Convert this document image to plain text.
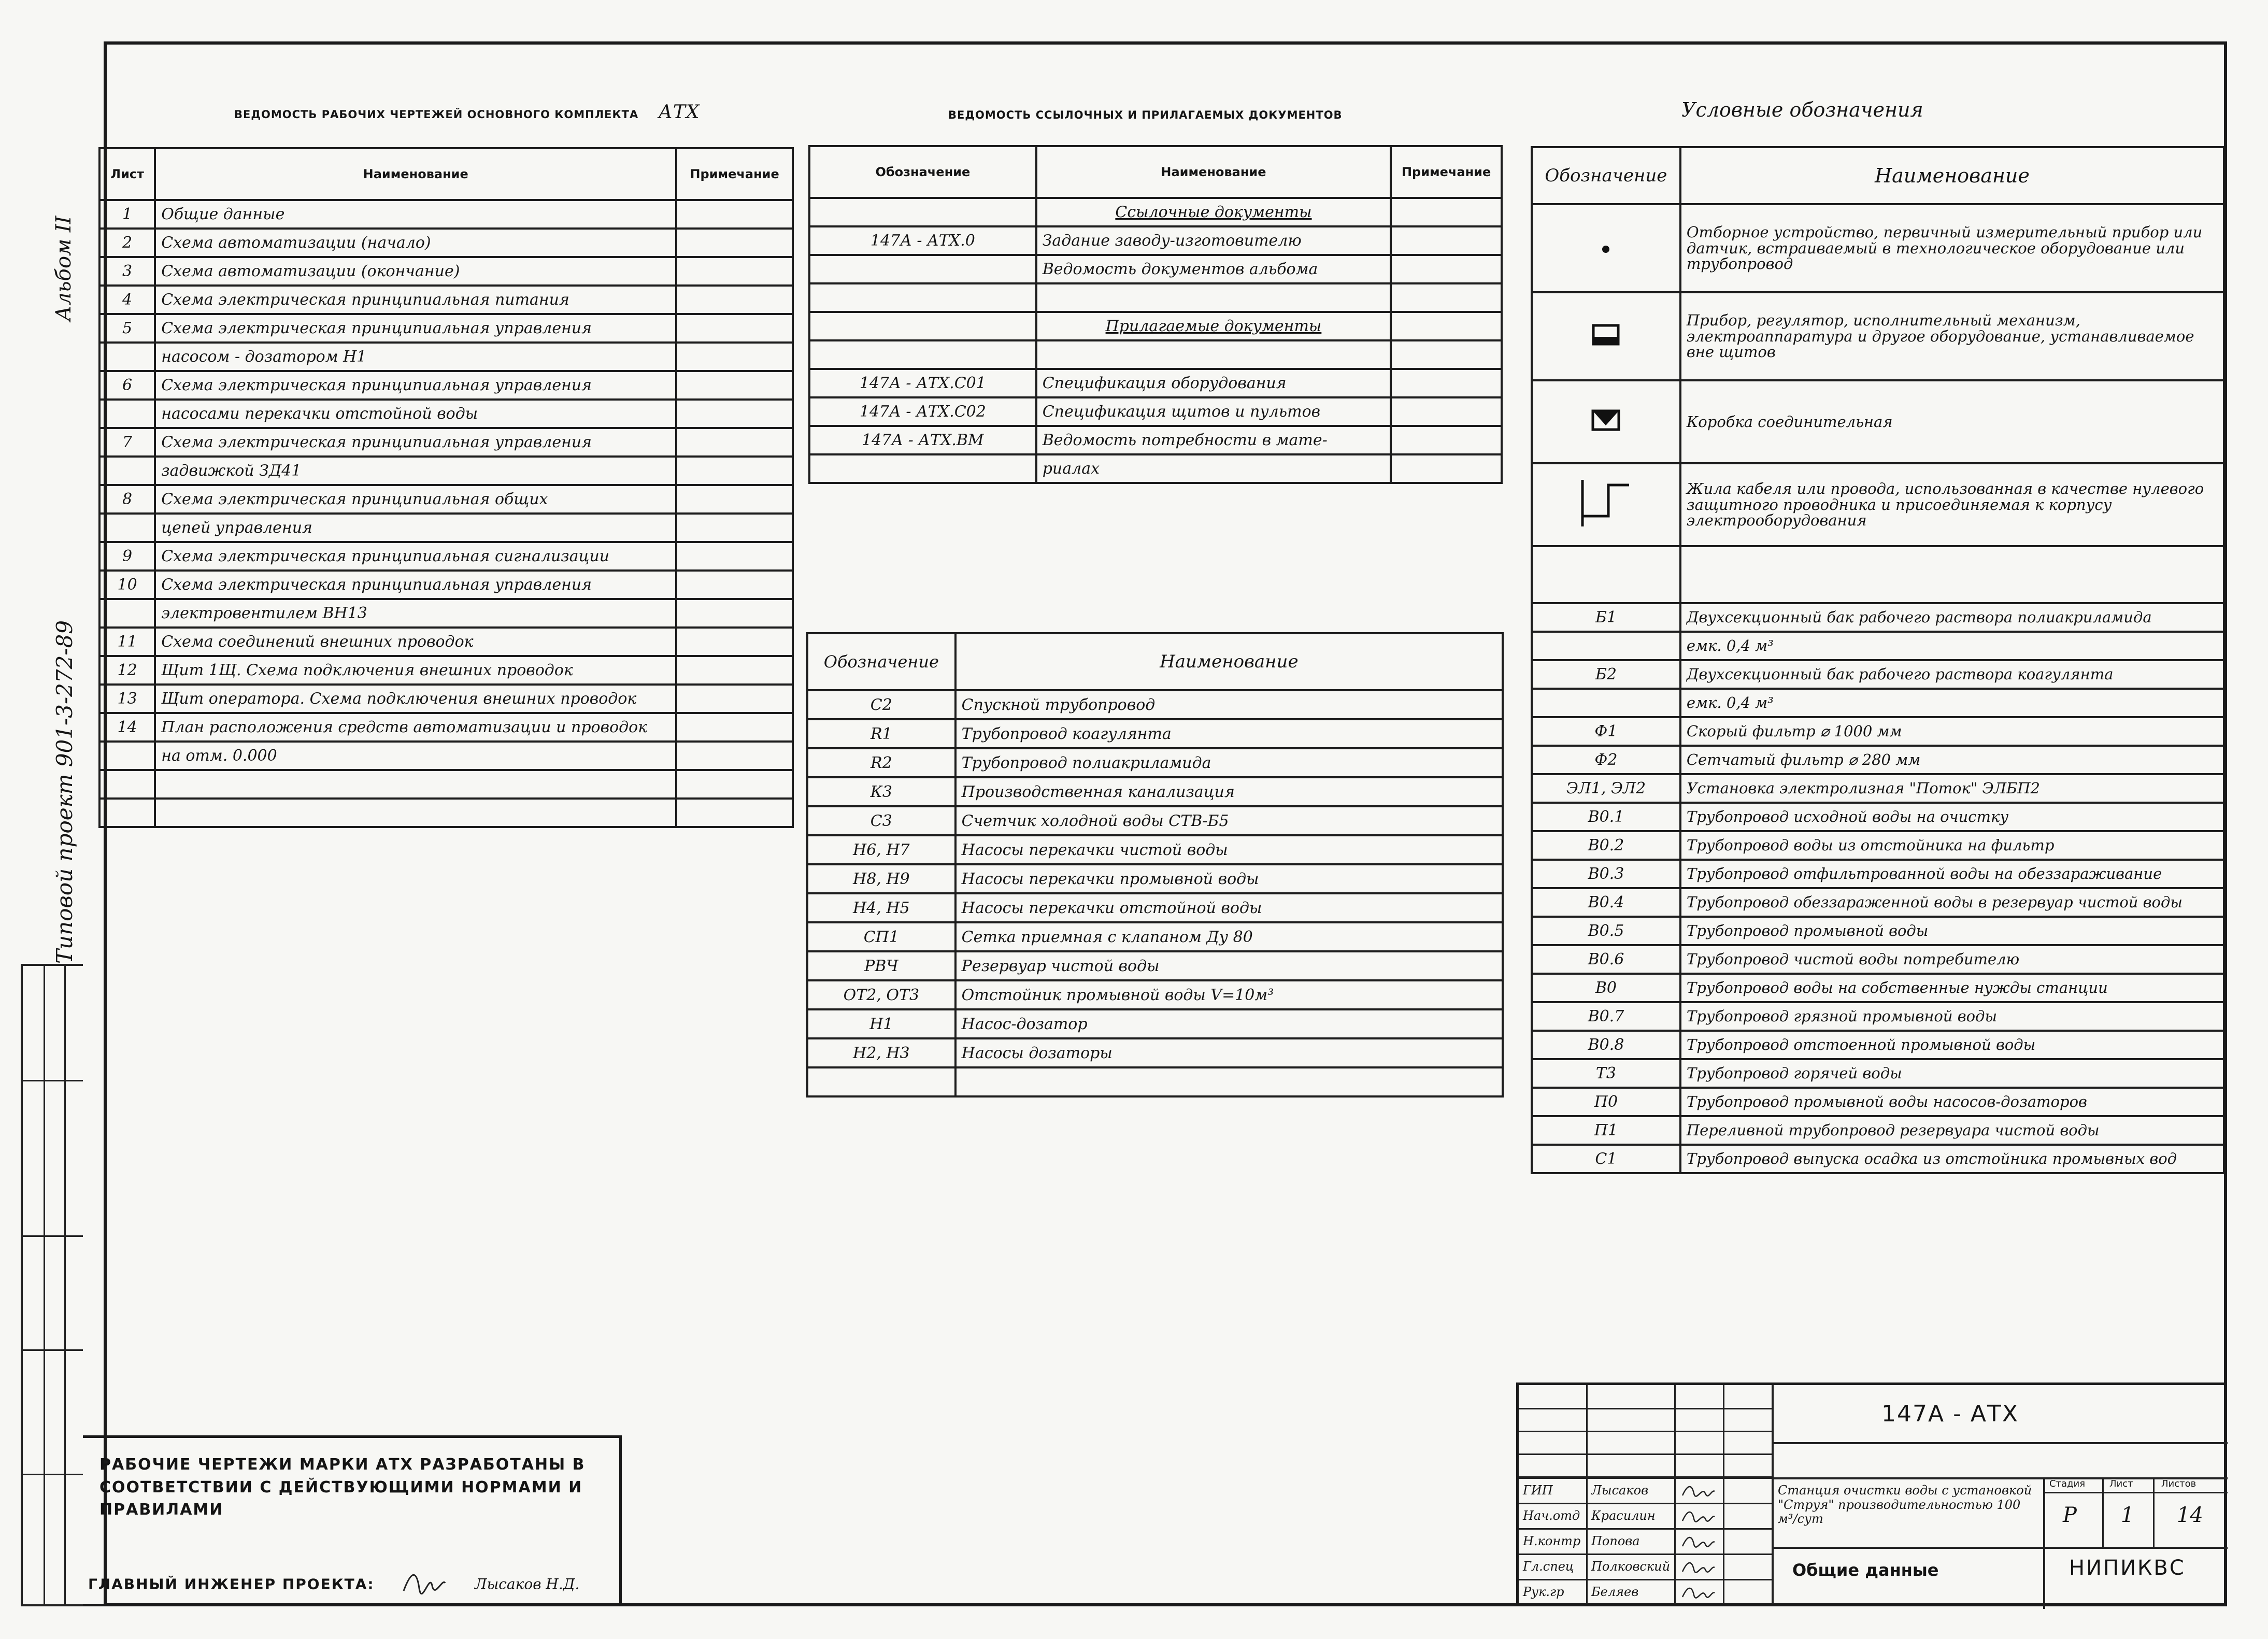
Альбом II
Типовой проект 901-3-272-89
ВЕДОМОСТЬ РАБОЧИХ ЧЕРТЕЖЕЙ ОСНОВНОГО КОМПЛЕКТА АТХ	ВЕДОМОСТЬ ССЫЛОЧНЫХ И ПРИЛАГАЕМЫХ ДОКУМЕНТОВ	Условные обозначения
Лист	Наименование	Примечание
1	Общие данные	
2	Схема автоматизации (начало)	
3	Схема автоматизации (окончание)	
4	Схема электрическая принципиальная питания	
5	Схема электрическая принципиальная управления	
	насосом - дозатором Н1	
6	Схема электрическая принципиальная управления	
	насосами перекачки отстойной воды	
7	Схема электрическая принципиальная управления	
	задвижкой ЗД41	
8	Схема электрическая принципиальная общих	
	цепей управления	
9	Схема электрическая принципиальная сигнализации	
10	Схема электрическая принципиальная управления	
	электровентилем ВН13	
11	Схема соединений внешних проводок	
12	Щит 1Щ. Схема подключения внешних проводок	
13	Щит оператора. Схема подключения внешних проводок	
14	План расположения средств автоматизации и проводок	
	на отм. 0.000	

Обозначение	Наименование	Примечание
	Ссылочные документы	
147А - АТХ.0	Задание заводу-изготовителю	
	Ведомость документов альбома	

	Прилагаемые документы	

147А - АТХ.С01	Спецификация оборудования	
147А - АТХ.С02	Спецификация щитов и пультов	
147А - АТХ.ВМ	Ведомость потребности в мате-	
	риалах	
Обозначение	Наименование
С2	Спускной трубопровод
R1	Трубопровод коагулянта
R2	Трубопровод полиакриламида
К3	Производственная канализация
С3	Счетчик холодной воды СТВ-Б5
Н6, Н7	Насосы перекачки чистой воды
Н8, Н9	Насосы перекачки промывной воды
Н4, Н5	Насосы перекачки отстойной воды
СП1	Сетка приемная с клапаном Ду 80
РВЧ	Резервуар чистой воды
ОТ2, ОТ3	Отстойник промывной воды V=10м³
Н1	Насос-дозатор
Н2, Н3	Насосы дозаторы

Обозначение	Наименование
	Отборное устройство, первичный измерительный прибор или датчик, встраиваемый в технологическое оборудование или трубопровод
	Прибор, регулятор, исполнительный механизм, электроаппаратура и другое оборудование, устанавливаемое вне щитов
	Коробка соединительная
	Жила кабеля или провода, использованная в качестве нулевого защитного проводника и присоединяемая к корпусу электрооборудования

Б1	Двухсекционный бак рабочего раствора полиакриламида
	емк. 0,4 м³
Б2	Двухсекционный бак рабочего раствора коагулянта
	емк. 0,4 м³
Ф1	Скорый фильтр ⌀ 1000 мм
Ф2	Сетчатый фильтр ⌀ 280 мм
ЭЛ1, ЭЛ2	Установка электролизная "Поток" ЭЛБП2
В0.1	Трубопровод исходной воды на очистку
В0.2	Трубопровод воды из отстойника на фильтр
В0.3	Трубопровод отфильтрованной воды на обеззараживание
В0.4	Трубопровод обеззараженной воды в резервуар чистой воды
В0.5	Трубопровод промывной воды
В0.6	Трубопровод чистой воды потребителю
В0	Трубопровод воды на собственные нужды станции
В0.7	Трубопровод грязной промывной воды
В0.8	Трубопровод отстоенной промывной воды
Т3	Трубопровод горячей воды
П0	Трубопровод промывной воды насосов-дозаторов
П1	Переливной трубопровод резервуара чистой воды
С1	Трубопровод выпуска осадка из отстойника промывных вод
РАБОЧИЕ ЧЕРТЕЖИ МАРКИ АТХ РАЗРАБОТАНЫ В СООТВЕТСТВИИ С ДЕЙСТВУЮЩИМИ НОРМАМИ И ПРАВИЛАМИ
ГЛАВНЫЙ ИНЖЕНЕР ПРОЕКТА:	Лысаков Н.Д.
ГИП	Лысаков
Нач.отд Красилин
Н.контр Попова
Гл.спец Полковский
Рук.гр Беляев
147А - АТХ
Станция очистки воды с установкой "Струя" производительностью 100 м³/сут
Стадия	Лист	Листов
Р 1 14
Общие данные	НИПИКВС
